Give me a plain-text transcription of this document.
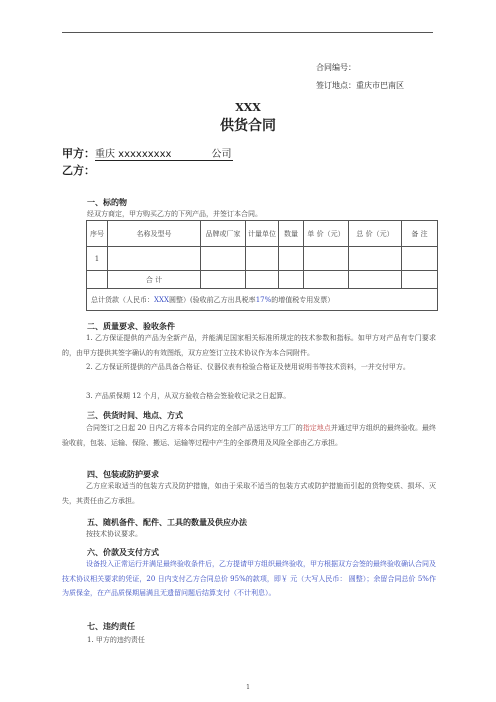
合同编号：
签订地点：重庆市巴南区
XXX
供货合同
甲方：重庆 xxxxxxxxx	公司
乙方：
一、标的物
经双方商定，甲方购买乙方的下列产品，并签订本合同。
序号	名称及型号	品牌或厂家	计量单位	数量	单 价（元）	总 价（元）	备 注
1							
	合 计						
总计货款（人民币：XXX圆整）(验收前乙方出具税率17%的增值税专用发票）							
二、质量要求、验收条件
1. 乙方保证提供的产品为全新产品，并能满足国家相关标准所规定的技术参数和指标。如甲方对产品有专门要求的，由甲方提供其签字确认的有效图纸，双方应签订立技术协议作为本合同附件。
2. 乙方保证所提供的产品具备合格证、仪器仪表有检验合格证及使用说明书等技术资料，一并交付甲方。
3. 产品质保期 12 个月，从双方验收合格会签验收记录之日起算。
三、供货时间、地点、方式
合同签订之日起 20 日内乙方将本合同约定的全部产品送达甲方工厂的指定地点并通过甲方组织的最终验收。最终验收前，包装、运输、保险、搬运、运输等过程中产生的全部费用及风险全部由乙方承担。
四、包装或防护要求
乙方应采取适当的包装方式及防护措施，如由于采取不适当的包装方式或防护措施而引起的货物变质、损坏、灭失，其责任由乙方承担。
五、随机备件、配件、工具的数量及供应办法
按技术协议要求。
六、价款及支付方式
设备投入正常运行并满足最终验收条件后，乙方提请甲方组织最终验收，甲方根据双方会签的最终验收确认合同及技术协议相关要求的凭证，20 日内支付乙方合同总价 95%的款项，即￥ 元（大写人民币： 圆整）；余留合同总价 5%作为质保金，在产品质保期届满且无遗留问题后结算支付（不计利息）。
七、违约责任
1. 甲方的违约责任
1
